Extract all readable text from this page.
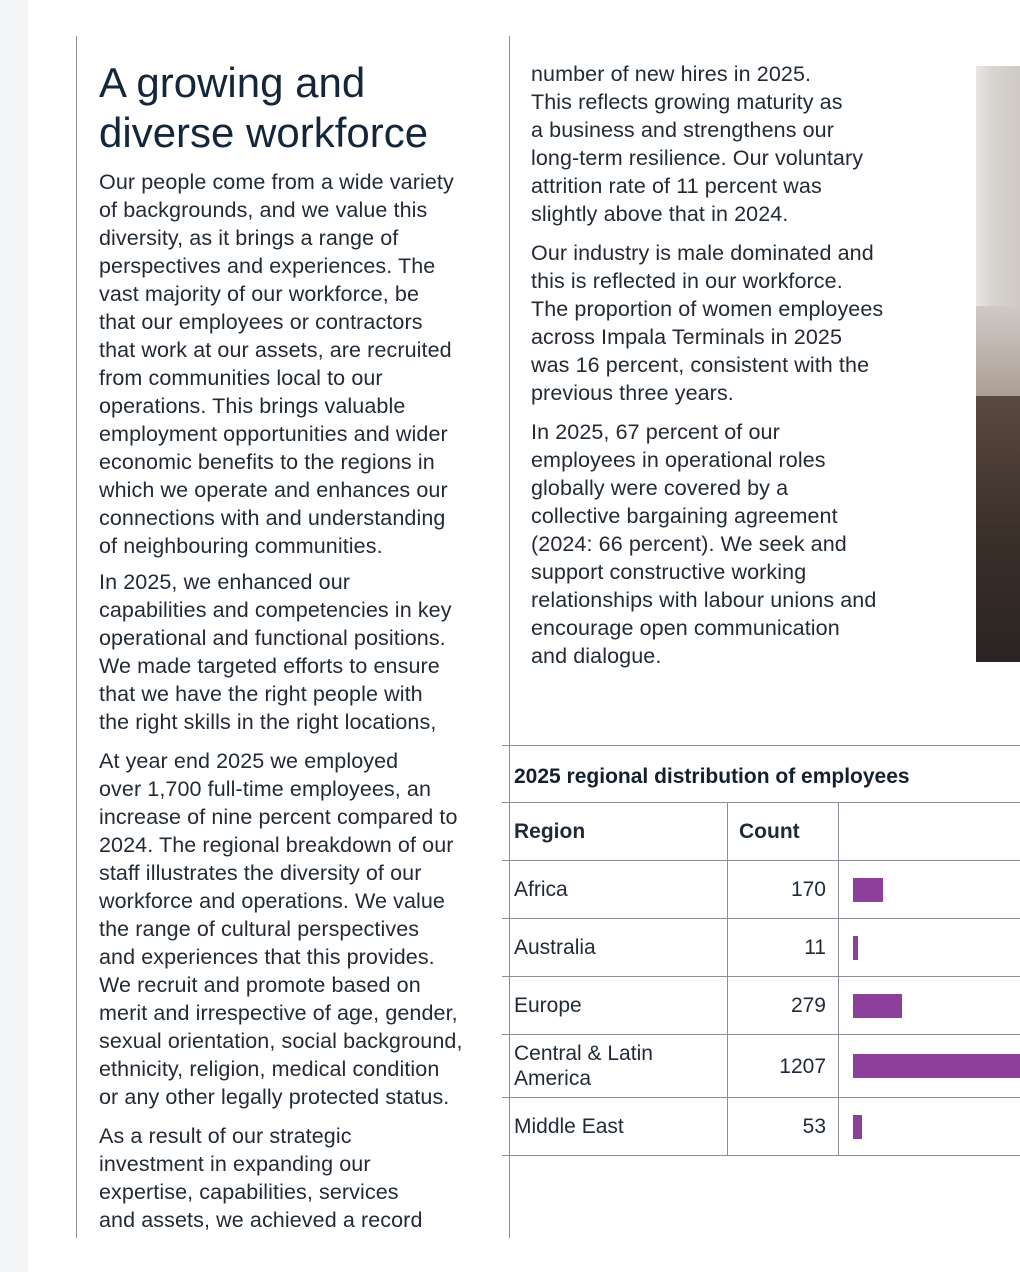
A growing and
diverse workforce

Our people come from a wide variety
of backgrounds, and we value this
diversity, as it brings a range of
perspectives and experiences. The
vast majority of our workforce, be
that our employees or contractors
that work at our assets, are recruited
from communities local to our
operations. This brings valuable
employment opportunities and wider
economic benefits to the regions in
which we operate and enhances our
connections with and understanding
of neighbouring communities.

In 2025, we enhanced our
capabilities and competencies in key
operational and functional positions.
We made targeted efforts to ensure
that we have the right people with
the right skills in the right locations,

At year end 2025 we employed
over 1,700 full-time employees, an
increase of nine percent compared to
2024. The regional breakdown of our
staff illustrates the diversity of our
workforce and operations. We value
the range of cultural perspectives
and experiences that this provides.
We recruit and promote based on
merit and irrespective of age, gender,
sexual orientation, social background,
ethnicity, religion, medical condition
or any other legally protected status.

As a result of our strategic
investment in expanding our
expertise, capabilities, services
and assets, we achieved a record

number of new hires in 2025.
This reflects growing maturity as
a business and strengthens our
long-term resilience. Our voluntary
attrition rate of 11 percent was
slightly above that in 2024.

Our industry is male dominated and
this is reflected in our workforce.
The proportion of women employees
across Impala Terminals in 2025
was 16 percent, consistent with the
previous three years.

In 2025, 67 percent of our
employees in operational roles
globally were covered by a
collective bargaining agreement
(2024: 66 percent). We seek and
support constructive working
relationships with labour unions and
encourage open communication
and dialogue.

2025 regional distribution of employees
Region	Count	
Africa	170	

Australia	11	

Europe	279	

Central & Latin
America	1207	

Middle East	53	
